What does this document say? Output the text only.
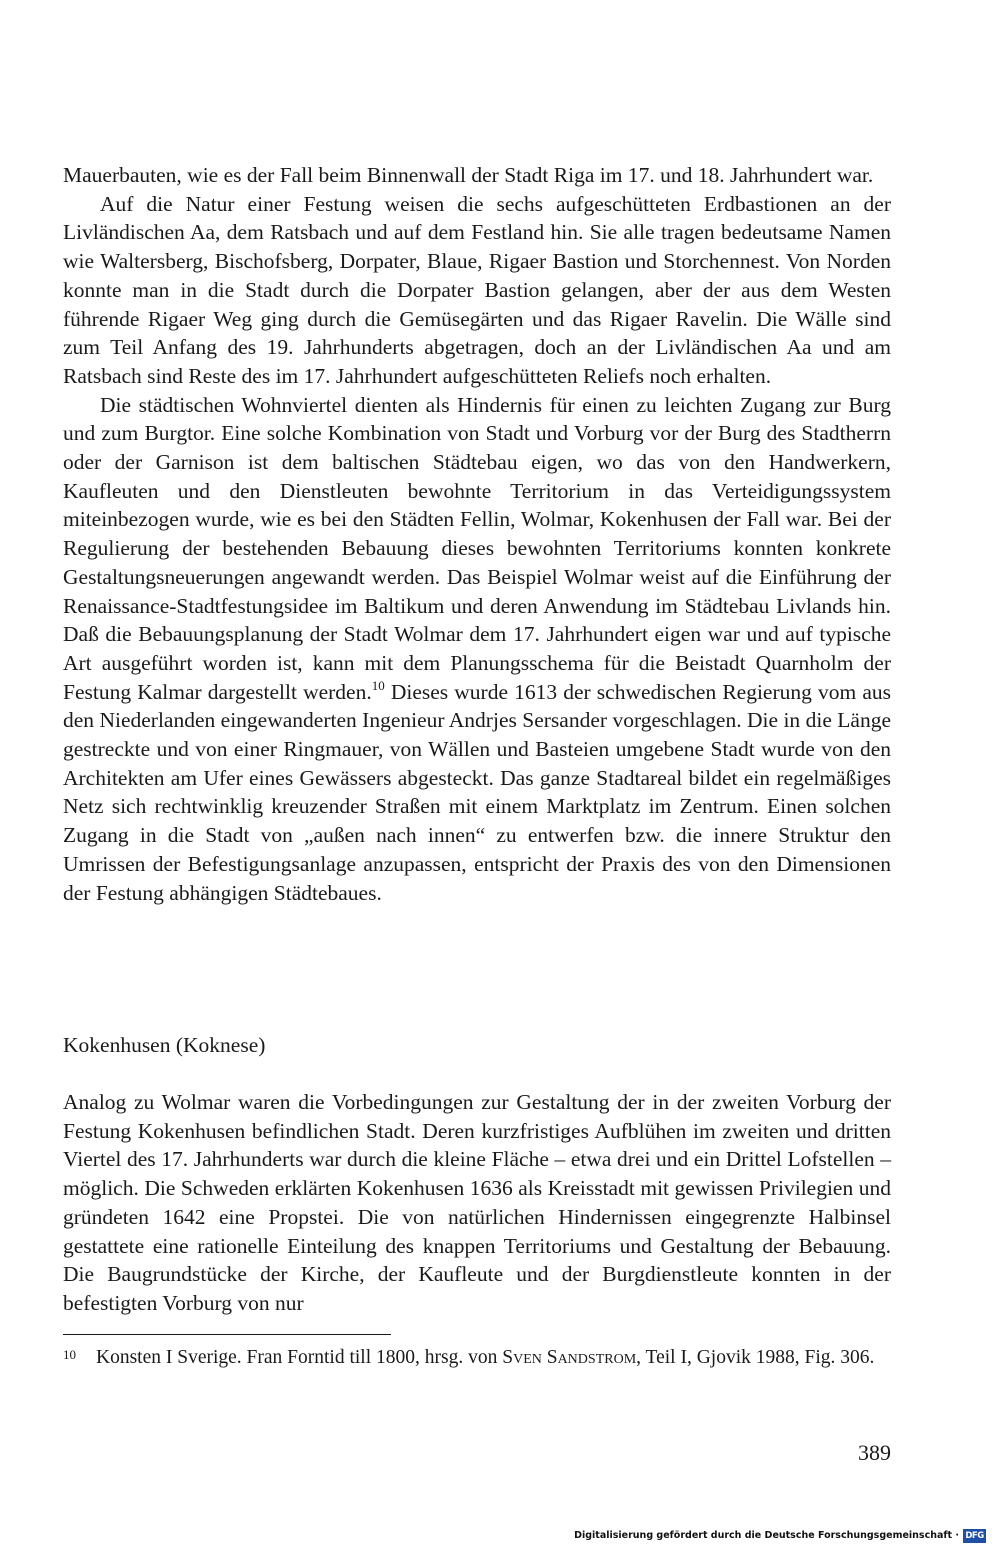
Mauerbauten, wie es der Fall beim Binnenwall der Stadt Riga im 17. und 18. Jahrhundert war.

Auf die Natur einer Festung weisen die sechs aufgeschütteten Erdbastionen an der Livländischen Aa, dem Ratsbach und auf dem Festland hin. Sie alle tragen bedeutsame Namen wie Waltersberg, Bischofsberg, Dorpater, Blaue, Rigaer Bastion und Storchennest. Von Norden konnte man in die Stadt durch die Dorpater Bastion gelangen, aber der aus dem Westen führende Rigaer Weg ging durch die Gemüsegärten und das Rigaer Ravelin. Die Wälle sind zum Teil Anfang des 19. Jahrhunderts abgetragen, doch an der Livländischen Aa und am Ratsbach sind Reste des im 17. Jahrhundert aufgeschütteten Reliefs noch erhalten.

Die städtischen Wohnviertel dienten als Hindernis für einen zu leichten Zugang zur Burg und zum Burgtor. Eine solche Kombination von Stadt und Vorburg vor der Burg des Stadtherrn oder der Garnison ist dem baltischen Städtebau eigen, wo das von den Handwerkern, Kaufleuten und den Dienstleuten bewohnte Territorium in das Verteidigungssystem miteinbezogen wurde, wie es bei den Städten Fellin, Wolmar, Kokenhusen der Fall war. Bei der Regulierung der bestehenden Bebauung dieses bewohnten Territoriums konnten konkrete Gestaltungsneuerungen angewandt werden. Das Beispiel Wolmar weist auf die Einführung der Renaissance-Stadtfestungsidee im Baltikum und deren Anwendung im Städtebau Livlands hin. Daß die Bebauungsplanung der Stadt Wolmar dem 17. Jahrhundert eigen war und auf typische Art ausgeführt worden ist, kann mit dem Planungsschema für die Beistadt Quarnholm der Festung Kalmar dargestellt werden.$^{10}$ Dieses wurde 1613 der schwedischen Regierung vom aus den Niederlanden eingewanderten Ingenieur Andrjes Sersander vorgeschlagen. Die in die Länge gestreckte und von einer Ringmauer, von Wällen und Basteien umgebene Stadt wurde von den Architekten am Ufer eines Gewässers abgesteckt. Das ganze Stadtareal bildet ein regelmäßiges Netz sich rechtwinklig kreuzender Straßen mit einem Marktplatz im Zentrum. Einen solchen Zugang in die Stadt von „außen nach innen“ zu entwerfen bzw. die innere Struktur den Umrissen der Befestigungsanlage anzupassen, entspricht der Praxis des von den Dimensionen der Festung abhängigen Städtebaues.

Kokenhusen (Koknese)

Analog zu Wolmar waren die Vorbedingungen zur Gestaltung der in der zweiten Vorburg der Festung Kokenhusen befindlichen Stadt. Deren kurzfristiges Aufblühen im zweiten und dritten Viertel des 17. Jahrhunderts war durch die kleine Fläche – etwa drei und ein Drittel Lofstellen – möglich. Die Schweden erklärten Kokenhusen 1636 als Kreisstadt mit gewissen Privilegien und gründeten 1642 eine Propstei. Die von natürlichen Hindernissen eingegrenzte Halbinsel gestattete eine rationelle Einteilung des knappen Territoriums und Gestaltung der Bebauung. Die Baugrundstücke der Kirche, der Kaufleute und der Burgdienstleute konnten in der befestigten Vorburg von nur

10 Konsten I Sverige. Fran Forntid till 1800, hrsg. von Sven Sandstrom, Teil I, Gjovik 1988, Fig. 306.
389
Digitalisierung gefördert durch die Deutsche Forschungsgemeinschaft · DFG
